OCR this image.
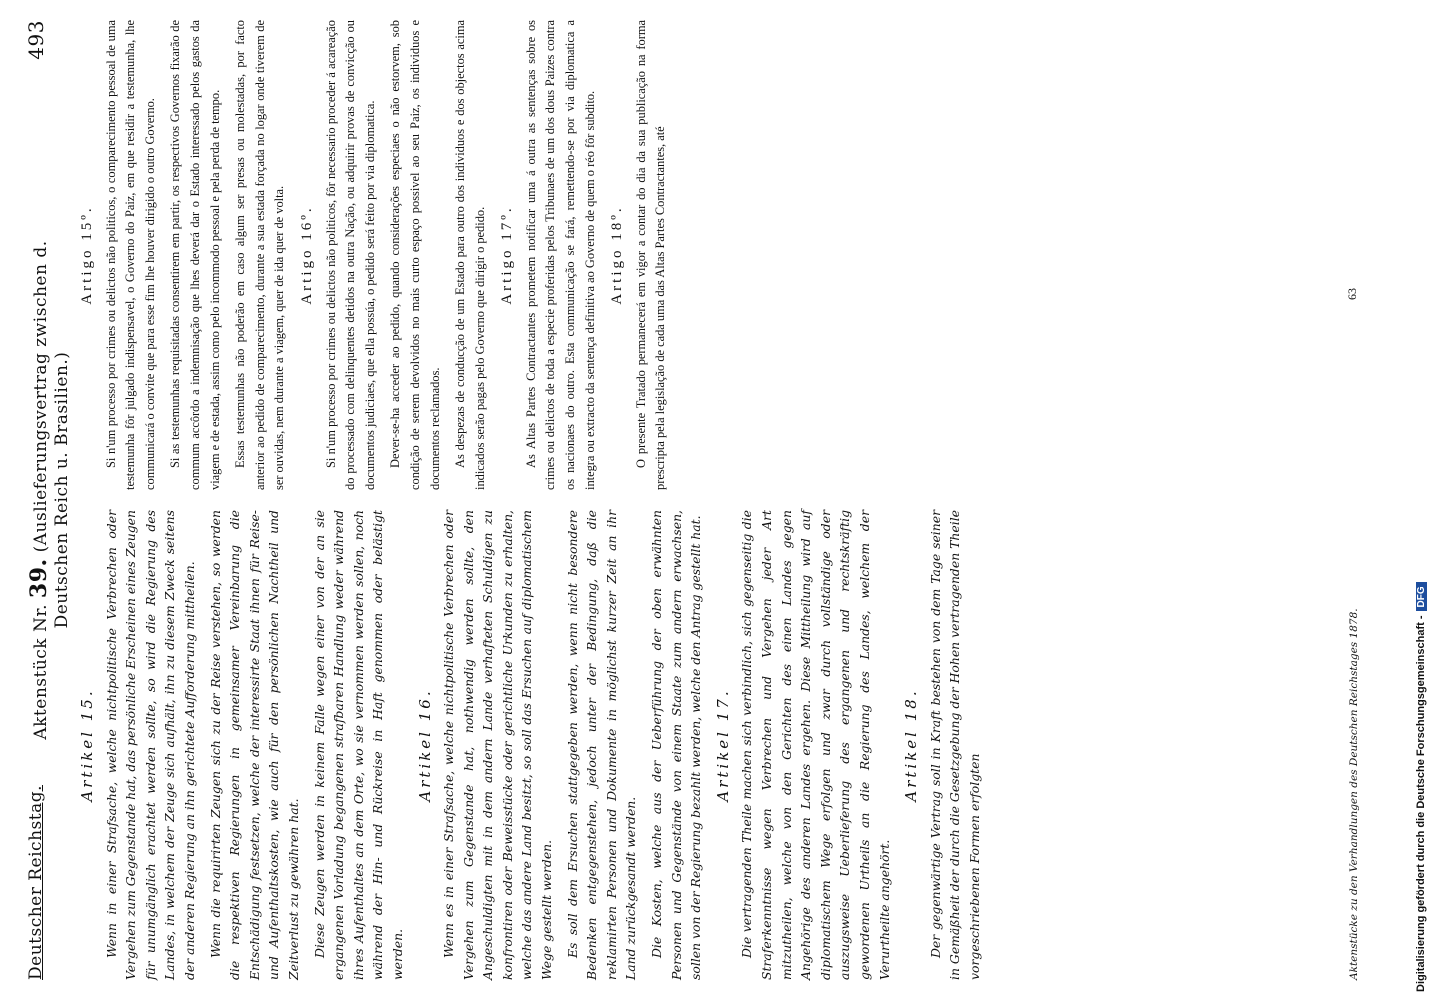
Deutscher Reichstag.
Aktenstück Nr. 39. (Auslieferungsvertrag zwischen d. Deutschen Reich u. Brasilien.)
493
Artikel 15. Wenn in einer Strafsache, welche nichtpolitische Verbrechen oder Vergehen zum Gegenstande hat, das persönliche Erscheinen eines Zeugen für unumgänglich erachtet werden sollte, so wird die Regierung des Landes, in welchem der Zeuge sich aufhält, ihn zu diesem Zweck seitens der anderen Regierung an ihn gerichtete Aufforderung mittheilen. Wenn die requirirten Zeugen sich zu der Reise verstehen, so werden die respektiven Regierungen in gemeinsamer Vereinbarung die Entschädigung festsetzen, welche der interessirte Staat ihnen für Reise- und Aufenthaltskosten, wie auch für den persönlichen Nachtheil und Zeitverlust zu gewähren hat. Diese Zeugen werden in keinem Falle wegen einer von der an sie ergangenen Vorladung begangenen strafbaren Handlung weder während ihres Aufenthaltes an dem Orte, wo sie vernommen werden sollen, noch während der Hin- und Rückreise in Haft genommen oder belästigt werden.

Artikel 16. Wenn es in einer Strafsache, welche nichtpolitische Verbrechen oder Vergehen zum Gegenstande hat, nothwendig werden sollte, den Angeschuldigten mit in dem andern Lande verhafteten Schuldigen zu konfrontiren oder Beweisstücke oder gerichtliche Urkunden zu erhalten, welche das andere Land besitzt, so soll das Ersuchen auf diplomatischem Wege gestellt werden. Es soll dem Ersuchen stattgegeben werden, wenn nicht besondere Bedenken entgegenstehen, jedoch unter der Bedingung, daß die reklamirten Personen und Dokumente in möglichst kurzer Zeit an ihr Land zurückgesandt werden. Die Kosten, welche aus der Ueberführung der oben erwähnten Personen und Gegenstände von einem Staate zum andern erwachsen, sollen von der Regierung bezahlt werden, welche den Antrag gestellt hat. Artikel 17. Die vertragenden Theile machen sich verbindlich, sich gegenseitig die Straferkenntnisse wegen Verbrechen und Vergehen jeder Art mitzutheilen, welche von den Gerichten des einen Landes gegen Angehörige des anderen Landes ergehen. Diese Mittheilung wird auf diplomatischem Wege erfolgen und zwar durch vollständige oder auszugsweise Ueberlieferung des ergangenen und rechtskräftig gewordenen Urtheils an die Regierung des Landes, welchem der Verurtheilte angehört.

Artikel 18. Der gegenwärtige Vertrag soll in Kraft bestehen von dem Tage seiner in Gemäßheit der durch die Gesetzgebung der Hohen vertragenden Theile vorgeschriebenen Formen erfolgten

Artigo 15º. Si n'um processo por crimes ou delictos não politicos, o comparecimento pessoal de uma testemunha fôr julgado indispensavel, o Governo do Paiz, em que residir a testemunha, lhe communicará o convite que para esse fim lhe houver dirigido o outro Governo. Si as testemunhas requisitadas consentirem em partir, os respectivos Governos fixarão de commum accôrdo a indemnisação que lhes deverá dar o Estado interessado pelos gastos da viagem e de estada, assim como pelo incommodo pessoal e pela perda de tempo. Essas testemunhas não poderão em caso algum ser presas ou molestadas, por facto anterior ao pedido de comparecimento, durante a sua estada forçada no logar onde tiverem de ser ouvidas, nem durante a viagem, quer de ida quer de volta. Artigo 16º. Si n'um processo por crimes ou delictos não politicos, fôr necessario proceder á acareação do processado com delinquentes detidos na outra Nação, ou adquirir provas de convicção ou documentos judiciaes, que ella possúa, o pedido será feito por via diplomatica. Dever-se-ha acceder ao pedido, quando considerações especiaes o não estorvem, sob condição de serem devolvidos no mais curto espaço possivel ao seu Paiz, os individuos e documentos reclamados. As despezas de conducção de um Estado para outro dos individuos e dos objectos acima indicados serão pagas pelo Governo que dirigir o pedido. Artigo 17º. As Altas Partes Contractantes prometem notificar uma á outra as sentenças sobre os crimes ou delictos de toda a especie proferidas pelos Tribunaes de um dos dous Paizes contra os nacionaes do outro. Esta communicação se fará, remettendo-se por via diplomatica a integra ou extracto da sentença definitiva ao Governo de quem o réo fôr subdito. Artigo 18º. O presente Tratado permanecerá em vigor a contar do dia da sua publicação na forma prescripta pela legislação de cada uma das Altas Partes Contractantes, até

Aktenstücke zu den Verhandlungen des Deutschen Reichstages 1878.
63
Digitalisierung gefördert durch die Deutsche Forschungsgemeinschaft -
DFG
